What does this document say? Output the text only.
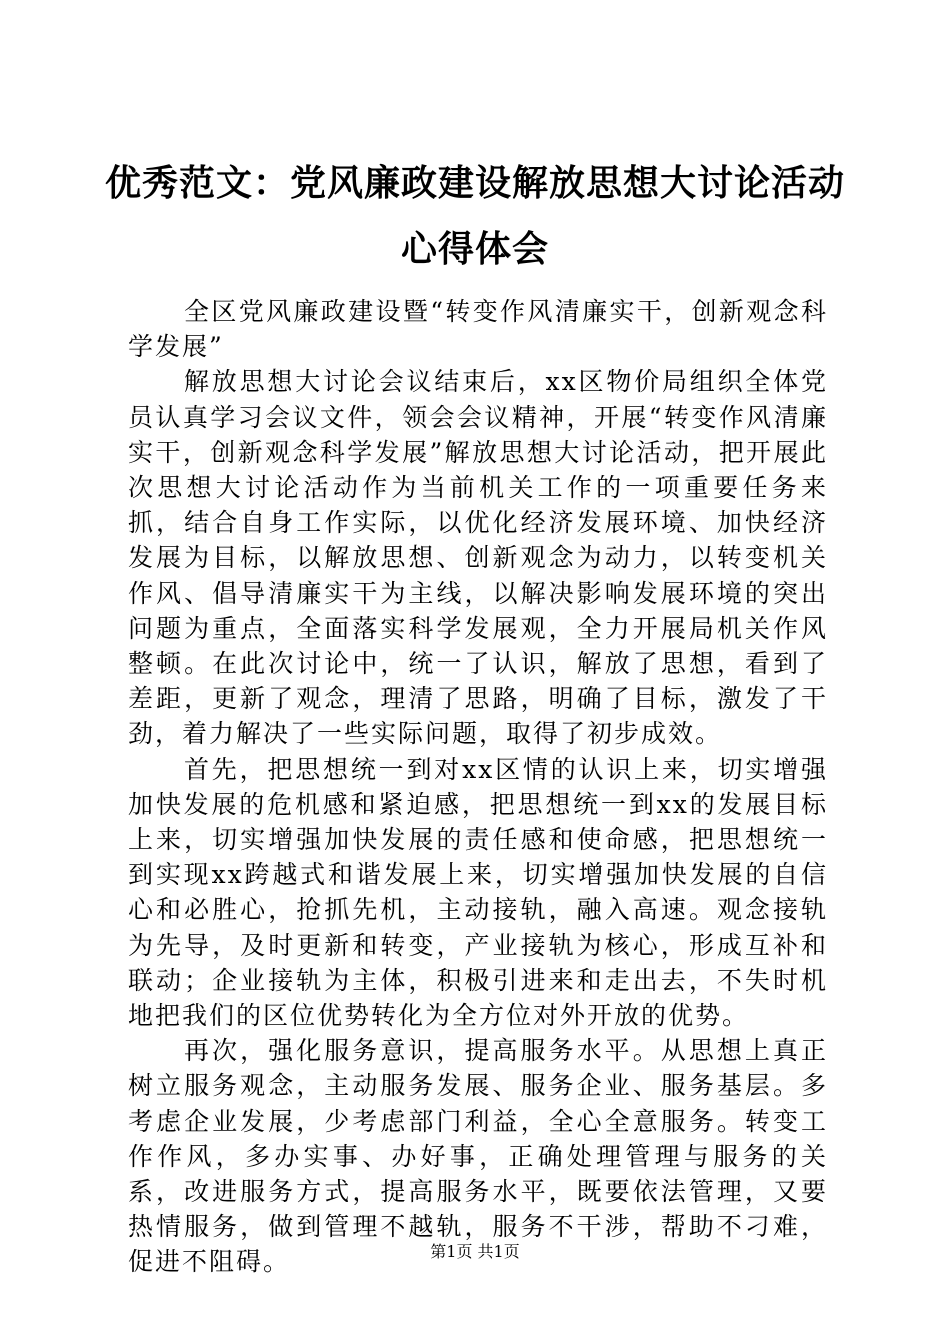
优秀范文：党风廉政建设解放思想大讨论活动
心得体会

全区党风廉政建设暨“转变作风清廉实干，创新观念科学发展”

解放思想大讨论会议结束后，xx区物价局组织全体党员认真学习会议文件，领会会议精神，开展“转变作风清廉实干，创新观念科学发展”解放思想大讨论活动，把开展此次思想大讨论活动作为当前机关工作的一项重要任务来抓，结合自身工作实际，以优化经济发展环境、加快经济发展为目标，以解放思想、创新观念为动力，以转变机关作风、倡导清廉实干为主线，以解决影响发展环境的突出问题为重点，全面落实科学发展观，全力开展局机关作风整顿。在此次讨论中，统一了认识，解放了思想，看到了差距，更新了观念，理清了思路，明确了目标，激发了干劲，着力解决了一些实际问题，取得了初步成效。

首先，把思想统一到对xx区情的认识上来，切实增强加快发展的危机感和紧迫感，把思想统一到xx的发展目标上来，切实增强加快发展的责任感和使命感，把思想统一到实现xx跨越式和谐发展上来，切实增强加快发展的自信心和必胜心，抢抓先机，主动接轨，融入高速。观念接轨为先导，及时更新和转变，产业接轨为核心，形成互补和联动；企业接轨为主体，积极引进来和走出去，不失时机地把我们的区位优势转化为全方位对外开放的优势。

再次，强化服务意识，提高服务水平。从思想上真正树立服务观念，主动服务发展、服务企业、服务基层。多考虑企业发展，少考虑部门利益，全心全意服务。转变工作作风，多办实事、办好事，正确处理管理与服务的关系，改进服务方式，提高服务水平，既要依法管理，又要热情服务，做到管理不越轨，服务不干涉，帮助不刁难，促进不阻碍。	第1页 共1页
